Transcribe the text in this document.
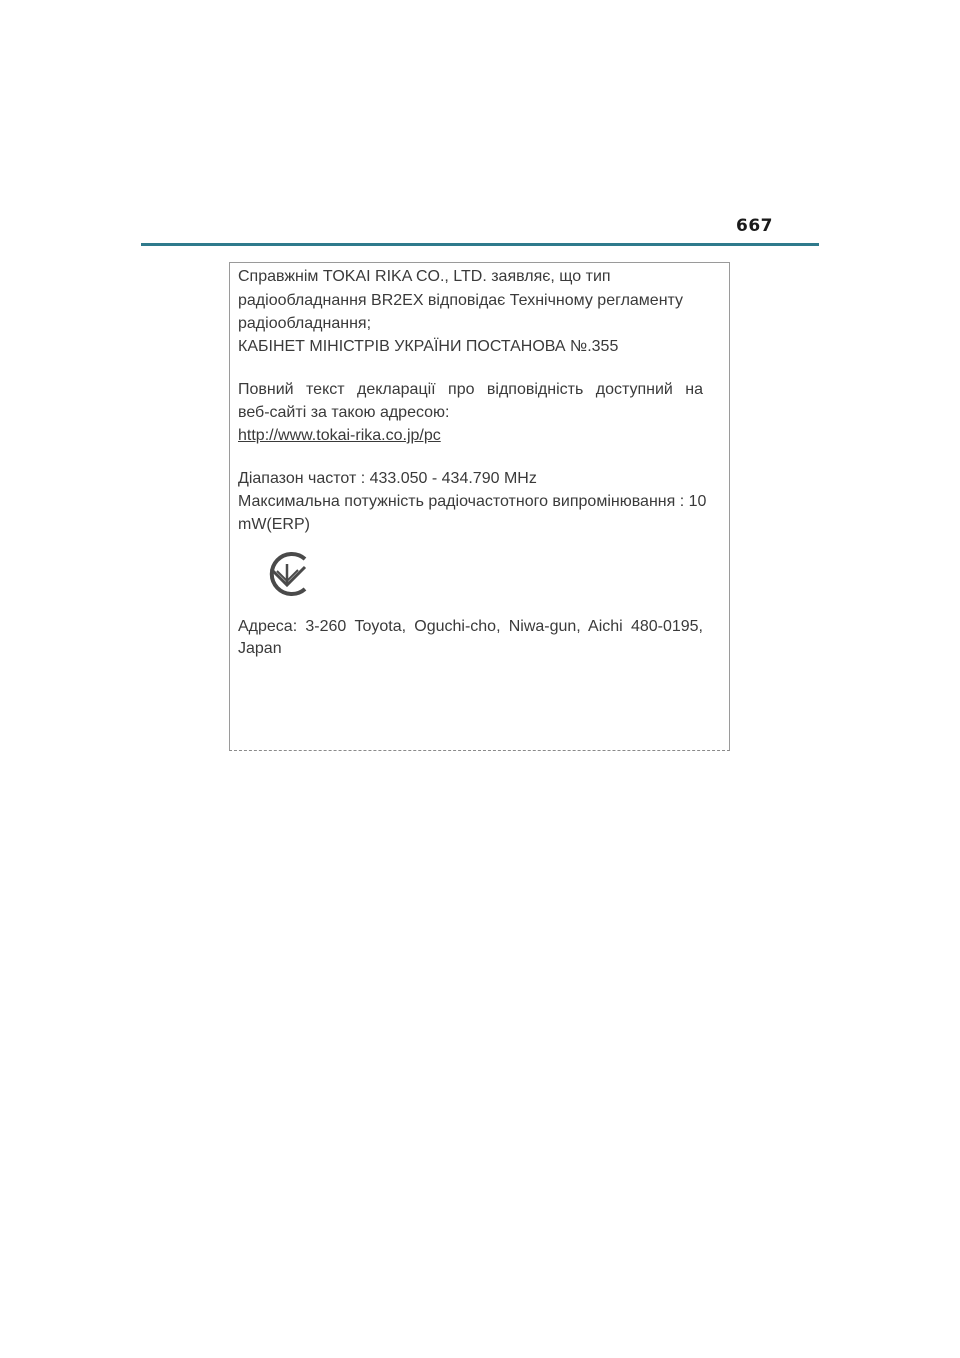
667
Справжнім TOKAI RIKA CO., LTD. заявляє, що тип
радіообладнання BR2EX відповідає Технічному регламенту
радіообладнання;
КАБІНЕТ МІНІСТРІВ УКРАЇНИ ПОСТАНОВА №.355
Повний текст декларації про відповідність доступний на
веб-сайті за такою адресою:
http://www.tokai-rika.co.jp/pc
Діапазон частот : 433.050 - 434.790 MHz
Максимальна потужність радіочастотного випромінювання : 10
mW(ERP)
Адреса: 3-260 Toyota, Oguchi-cho, Niwa-gun, Aichi 480-0195,
Japan
